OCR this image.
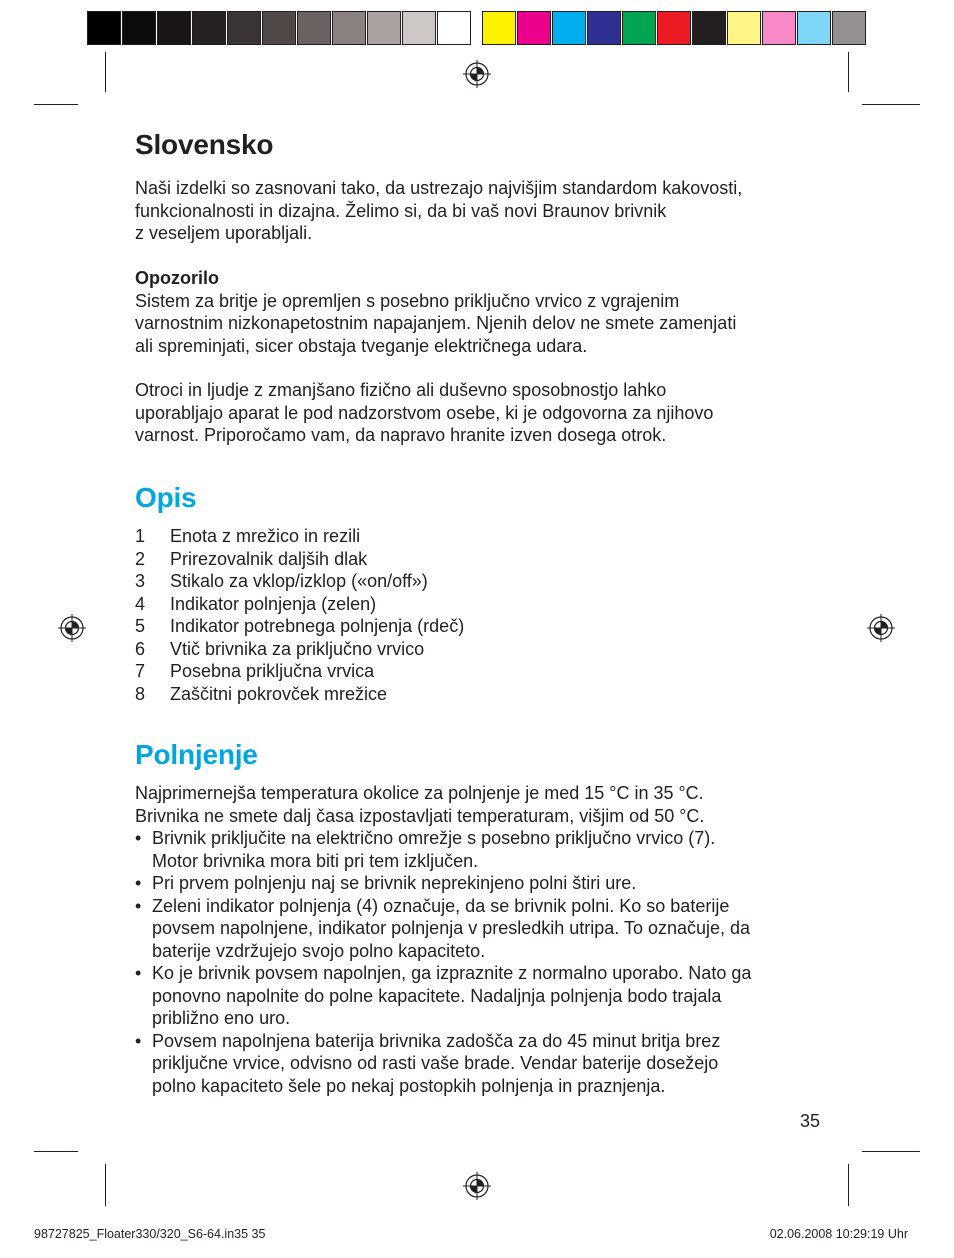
Slovensko
Naši izdelki so zasnovani tako, da ustrezajo najvišjim standardom kakovosti,
funkcionalnosti in dizajna. Želimo si, da bi vaš novi Braunov brivnik
z veseljem uporabljali.
Opozorilo
Sistem za britje je opremljen s posebno priključno vrvico z vgrajenim
varnostnim nizkonapetostnim napajanjem. Njenih delov ne smete zamenjati
ali spreminjati, sicer obstaja tveganje električnega udara.
Otroci in ljudje z zmanjšano fizično ali duševno sposobnostjo lahko
uporabljajo aparat le pod nadzorstvom osebe, ki je odgovorna za njihovo
varnost. Priporočamo vam, da napravo hranite izven dosega otrok.
Opis
1	Enota z mrežico in rezili
2	Prirezovalnik daljših dlak
3	Stikalo za vklop/izklop («on/off»)
4	Indikator polnjenja (zelen)
5	Indikator potrebnega polnjenja (rdeč)
6	Vtič brivnika za priključno vrvico
7	Posebna priključna vrvica
8	Zaščitni pokrovček mrežice
Polnjenje
Najprimernejša temperatura okolice za polnjenje je med 15 °C in 35 °C.
Brivnika ne smete dalj časa izpostavljati temperaturam, višjim od 50 °C.
• Brivnik priključite na električno omrežje s posebno priključno vrvico (7).
Motor brivnika mora biti pri tem izključen.
• Pri prvem polnjenju naj se brivnik neprekinjeno polni štiri ure.
• Zeleni indikator polnjenja (4) označuje, da se brivnik polni. Ko so baterije
povsem napolnjene, indikator polnjenja v presledkih utripa. To označuje, da
baterije vzdržujejo svojo polno kapaciteto.
• Ko je brivnik povsem napolnjen, ga izpraznite z normalno uporabo. Nato ga
ponovno napolnite do polne kapacitete. Nadaljnja polnjenja bodo trajala
približno eno uro.
• Povsem napolnjena baterija brivnika zadošča za do 45 minut britja brez
priključne vrvice, odvisno od rasti vaše brade. Vendar baterije dosežejo
polno kapaciteto šele po nekaj postopkih polnjenja in praznjenja.
35
98727825_Floater330/320_S6-64.in35 35	02.06.2008 10:29:19 Uhr
